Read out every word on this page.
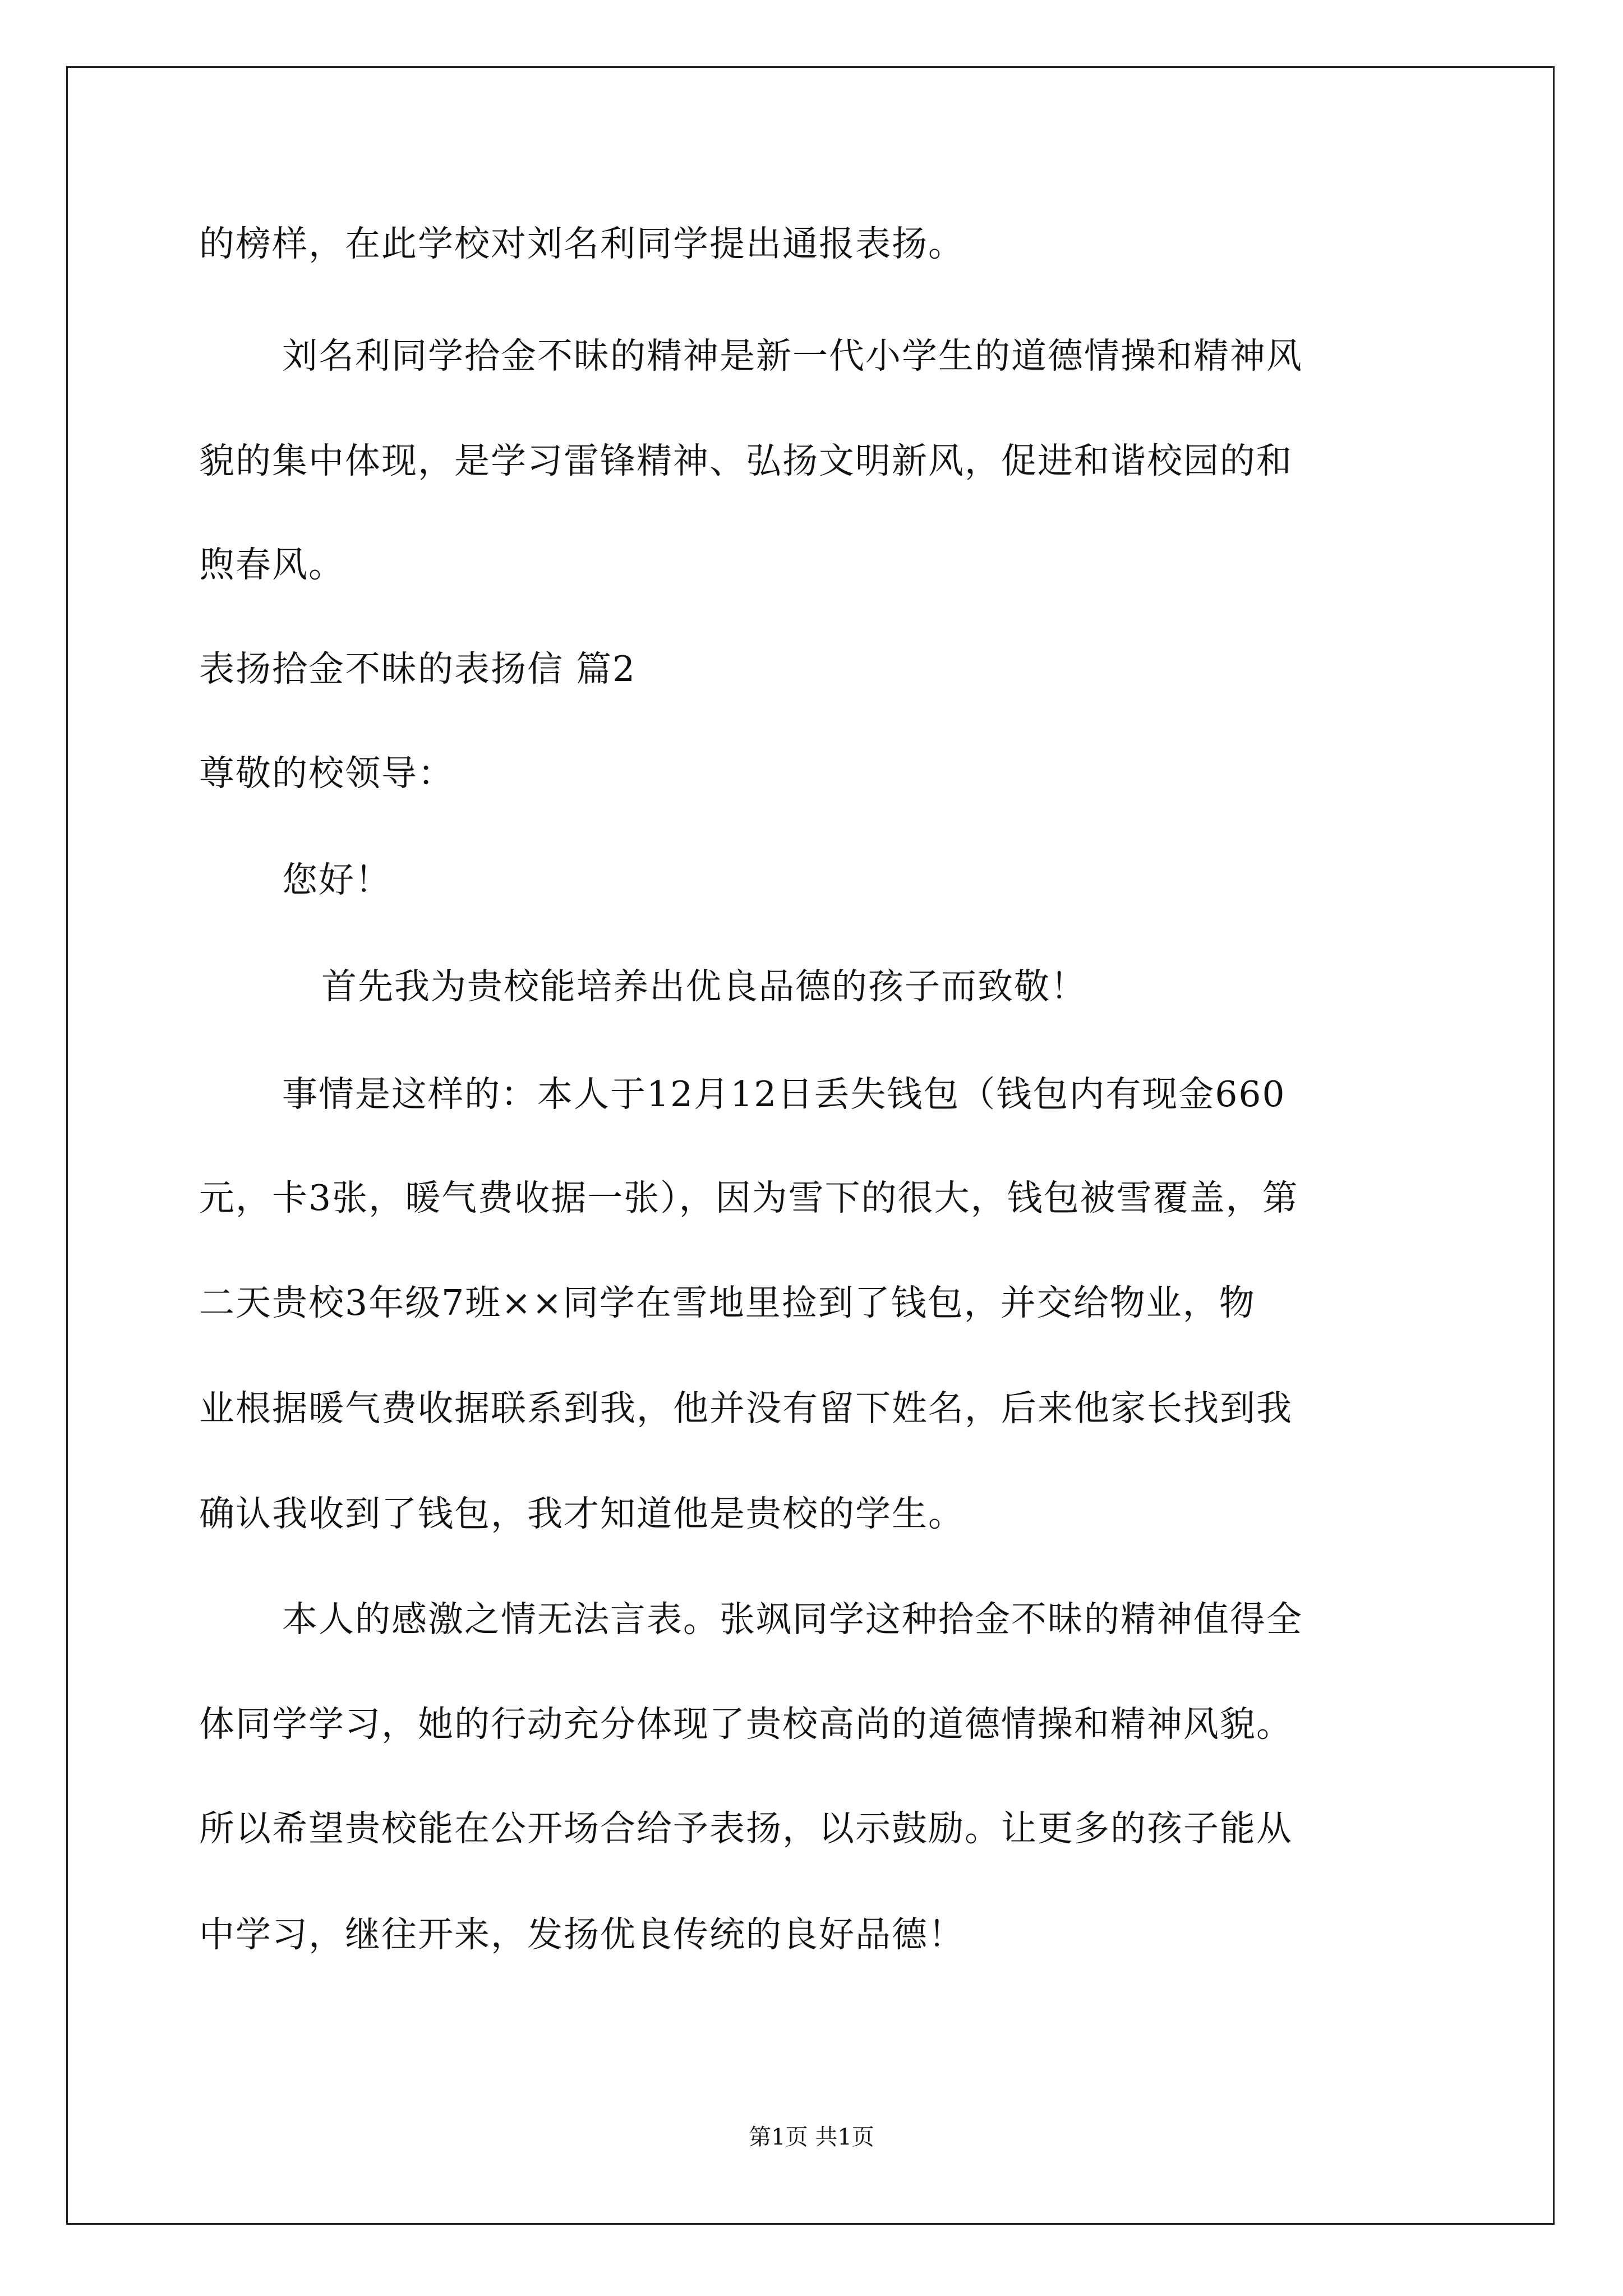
的榜样，在此学校对刘名利同学提出通报表扬。
刘名利同学拾金不昧的精神是新一代小学生的道德情操和精神风
貌的集中体现，是学习雷锋精神、弘扬文明新风，促进和谐校园的和
煦春风。
表扬拾金不昧的表扬信 篇2
尊敬的校领导：
您好！
首先我为贵校能培养出优良品德的孩子而致敬！
事情是这样的：本人于12月12日丢失钱包（钱包内有现金660
元，卡3张，暖气费收据一张），因为雪下的很大，钱包被雪覆盖，第
二天贵校3年级7班××同学在雪地里捡到了钱包，并交给物业，物
业根据暖气费收据联系到我，他并没有留下姓名，后来他家长找到我
确认我收到了钱包，我才知道他是贵校的学生。
本人的感激之情无法言表。张飒同学这种拾金不昧的精神值得全
体同学学习，她的行动充分体现了贵校高尚的道德情操和精神风貌。
所以希望贵校能在公开场合给予表扬，以示鼓励。让更多的孩子能从
中学习，继往开来，发扬优良传统的良好品德！
第1页 共1页
